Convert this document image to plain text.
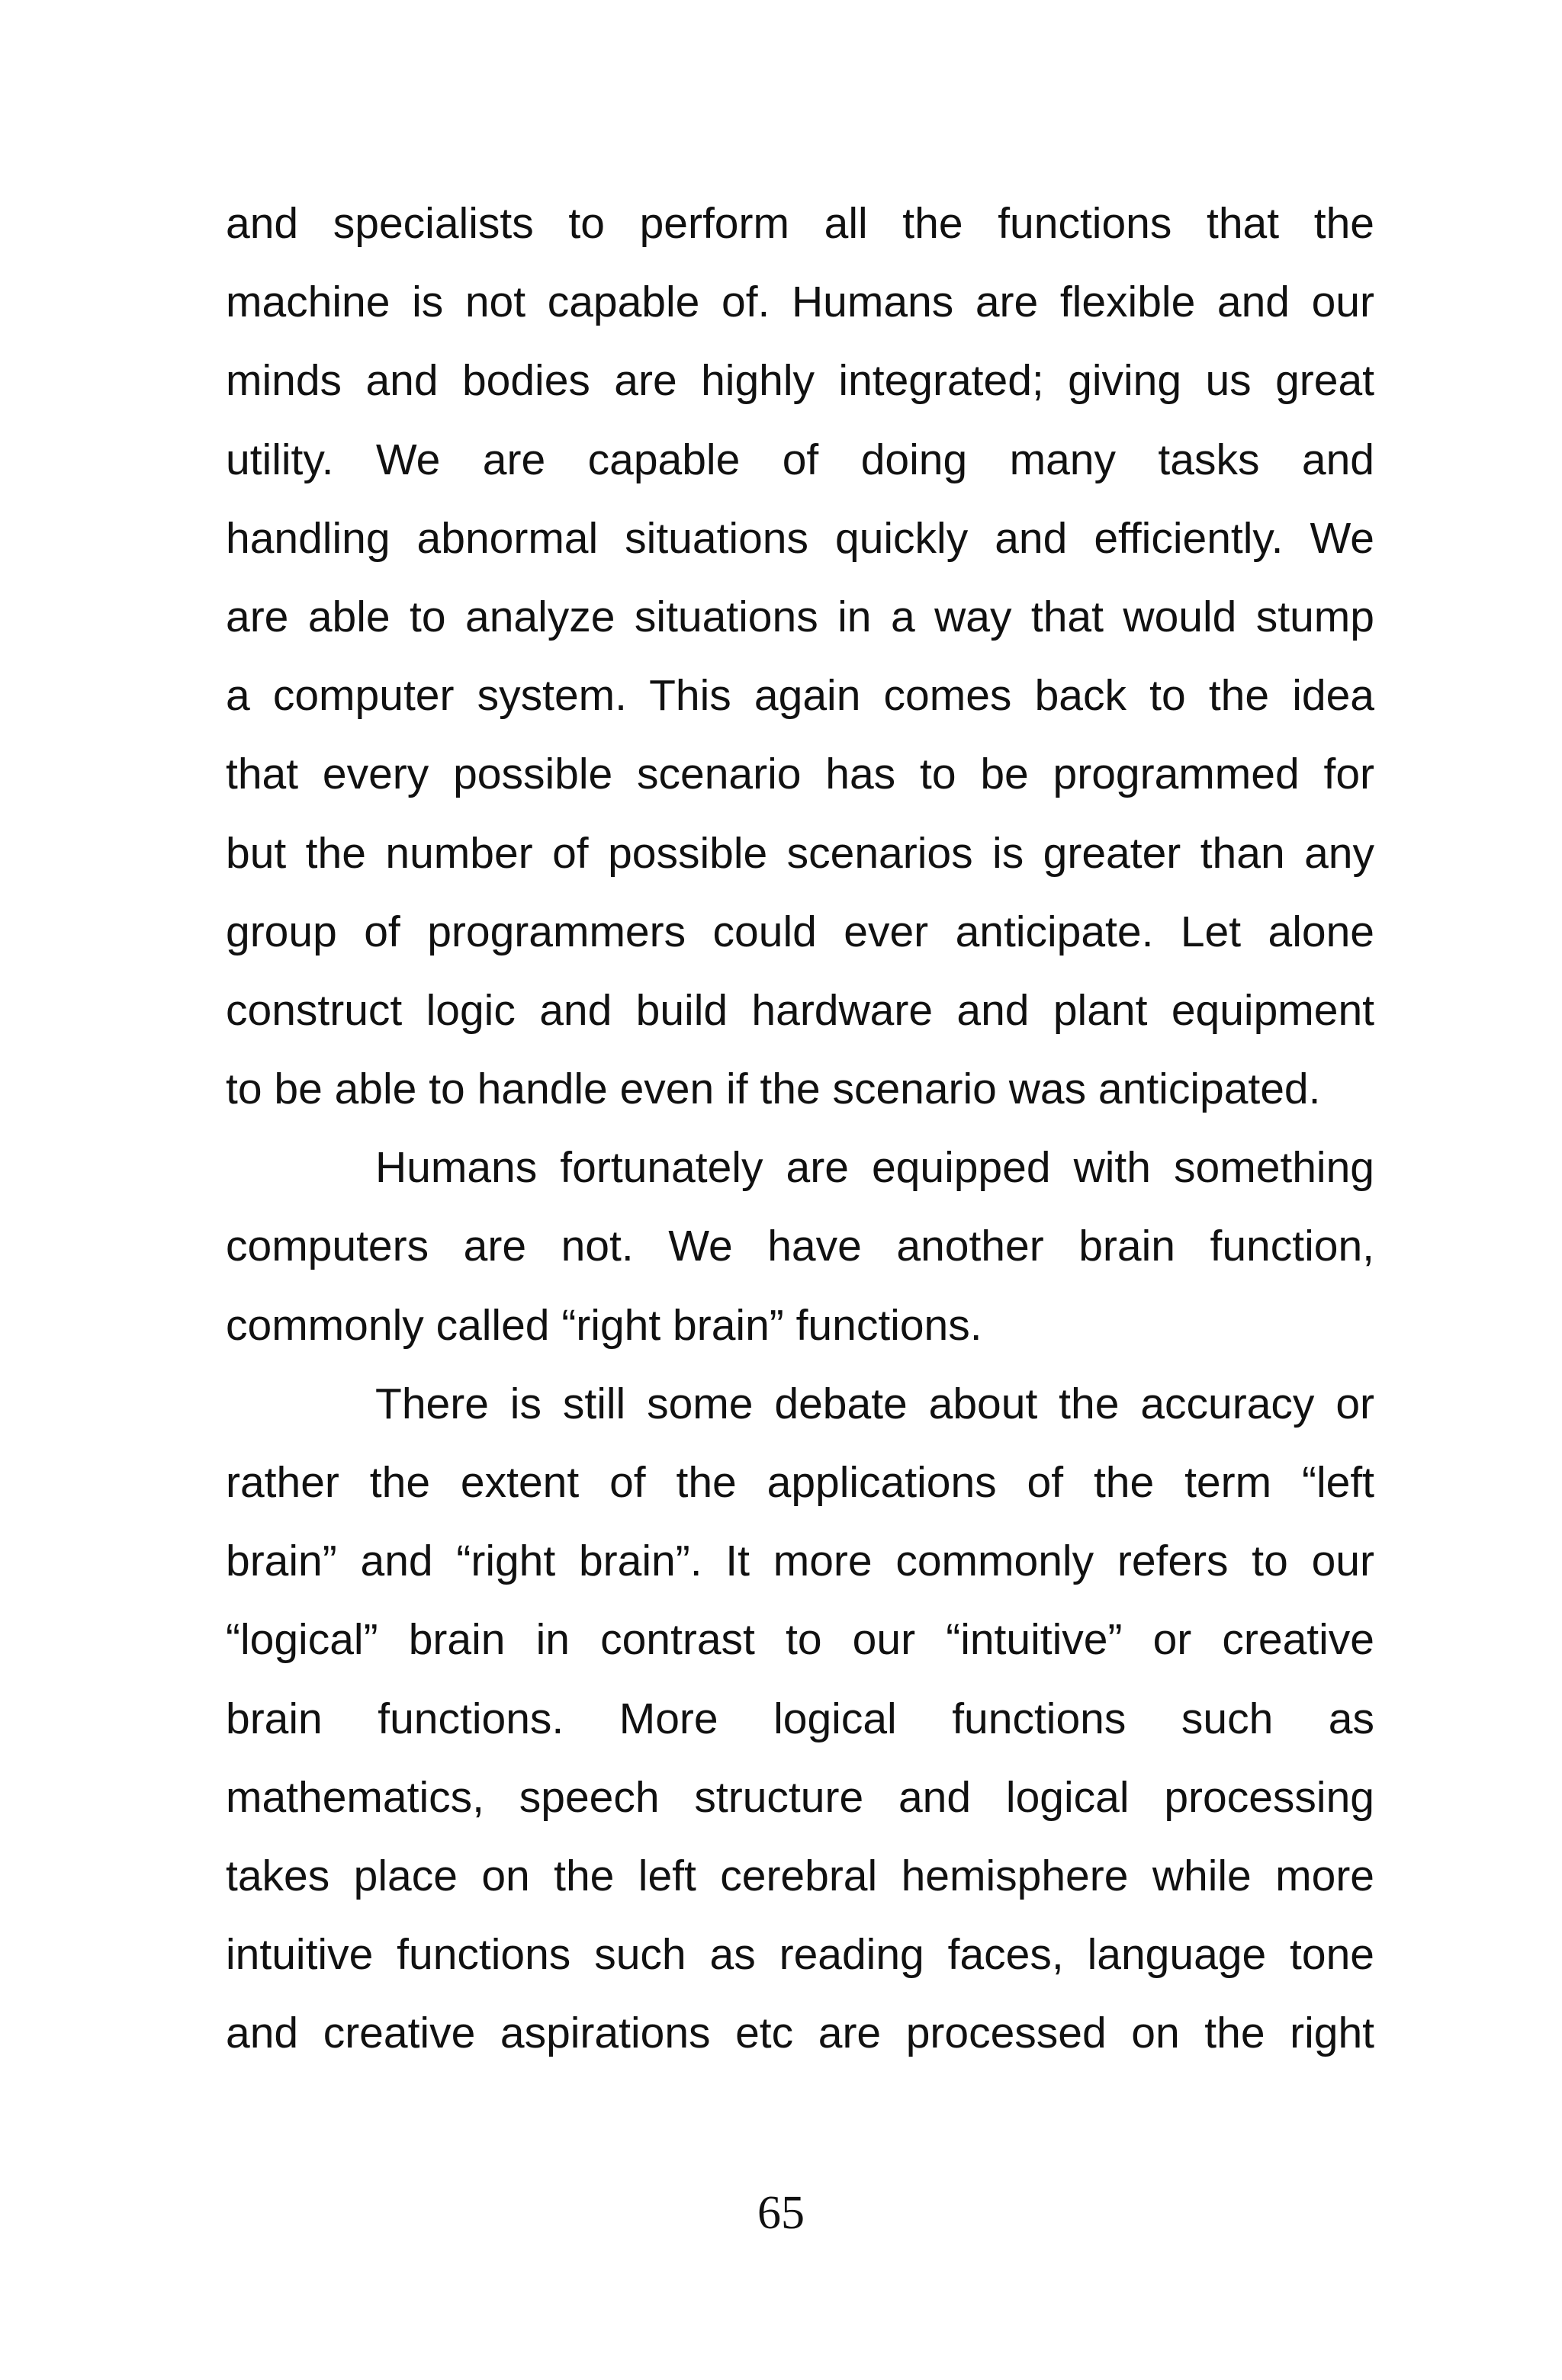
and specialists to perform all the functions that the
machine is not capable of. Humans are flexible and our
minds and bodies are highly integrated; giving us great
utility. We are capable of doing many tasks and
handling abnormal situations quickly and efficiently. We
are able to analyze situations in a way that would stump
a computer system. This again comes back to the idea
that every possible scenario has to be programmed for
but the number of possible scenarios is greater than any
group of programmers could ever anticipate. Let alone
construct logic and build hardware and plant equipment
to be able to handle even if the scenario was anticipated.
Humans fortunately are equipped with something
computers are not. We have another brain function,
commonly called “right brain” functions.
There is still some debate about the accuracy or
rather the extent of the applications of the term “left
brain” and “right brain”. It more commonly refers to our
“logical” brain in contrast to our “intuitive” or creative
brain functions. More logical functions such as
mathematics, speech structure and logical processing
takes place on the left cerebral hemisphere while more
intuitive functions such as reading faces, language tone
and creative aspirations etc are processed on the right
65
